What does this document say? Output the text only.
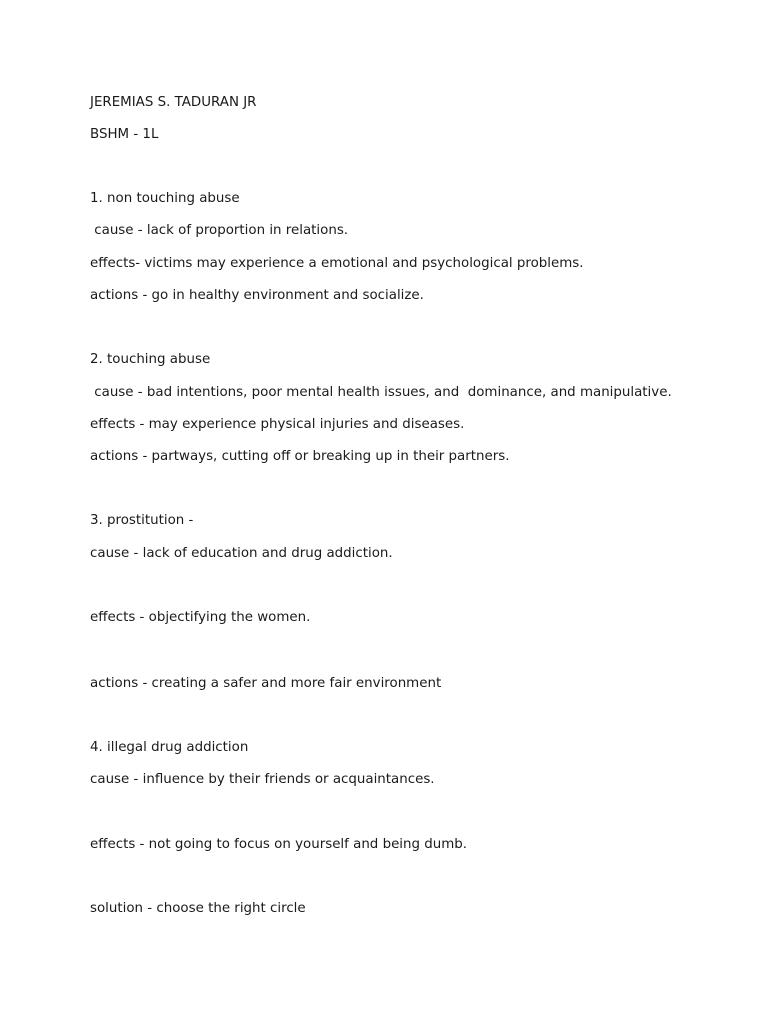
JEREMIAS S. TADURAN JR
BSHM - 1L
1. non touching abuse
cause - lack of proportion in relations.
effects- victims may experience a emotional and psychological problems.
actions - go in healthy environment and socialize.
2. touching abuse
cause - bad intentions, poor mental health issues, and  dominance, and manipulative.
effects - may experience physical injuries and diseases.
actions - partways, cutting off or breaking up in their partners.
3. prostitution -
cause - lack of education and drug addiction.
effects - objectifying the women.
actions - creating a safer and more fair environment
4. illegal drug addiction
cause - influence by their friends or acquaintances.
effects - not going to focus on yourself and being dumb.
solution - choose the right circle
